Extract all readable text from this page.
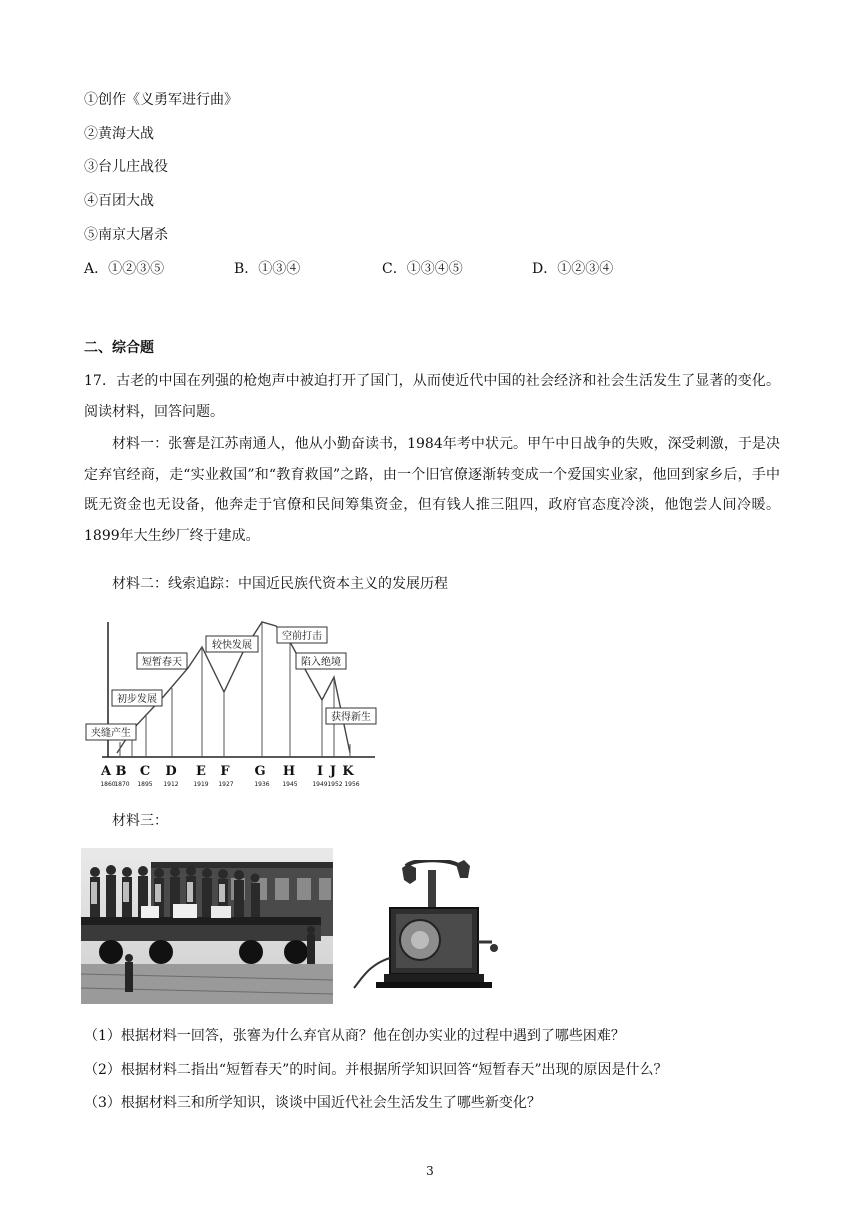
①创作《义勇军进行曲》
②黄海大战
③台儿庄战役
④百团大战
⑤南京大屠杀
A．①②③⑤	B．①③④	C．①③④⑤	D．①②③④
二、综合题
17．古老的中国在列强的枪炮声中被迫打开了国门，从而使近代中国的社会经济和社会生活发生了显著的变化。阅读材料，回答问题。
材料一：张謇是江苏南通人，他从小勤奋读书，1984年考中状元。甲午中日战争的失败，深受刺激，于是决定弃官经商，走“实业救国”和“教育救国”之路，由一个旧官僚逐渐转变成一个爱国实业家，他回到家乡后，手中既无资金也无设备，他奔走于官僚和民间筹集资金，但有钱人推三阻四，政府官态度冷淡，他饱尝人间冷暖。1899年大生纱厂终于建成。
材料二：线索追踪：中国近民族代资本主义的发展历程
夹缝产生
初步发展
短暂春天
较快发展
空前打击
陷入绝境
获得新生
A B C D E F G H I J K
1860
1870 1895 1912 1919 1927	1936 1945 1949 1952 1956
材料三：
（1）根据材料一回答，张謇为什么弃官从商？他在创办实业的过程中遇到了哪些困难？
（2）根据材料二指出“短暂春天”的时间。并根据所学知识回答“短暂春天”出现的原因是什么？
（3）根据材料三和所学知识，谈谈中国近代社会生活发生了哪些新变化？
3
